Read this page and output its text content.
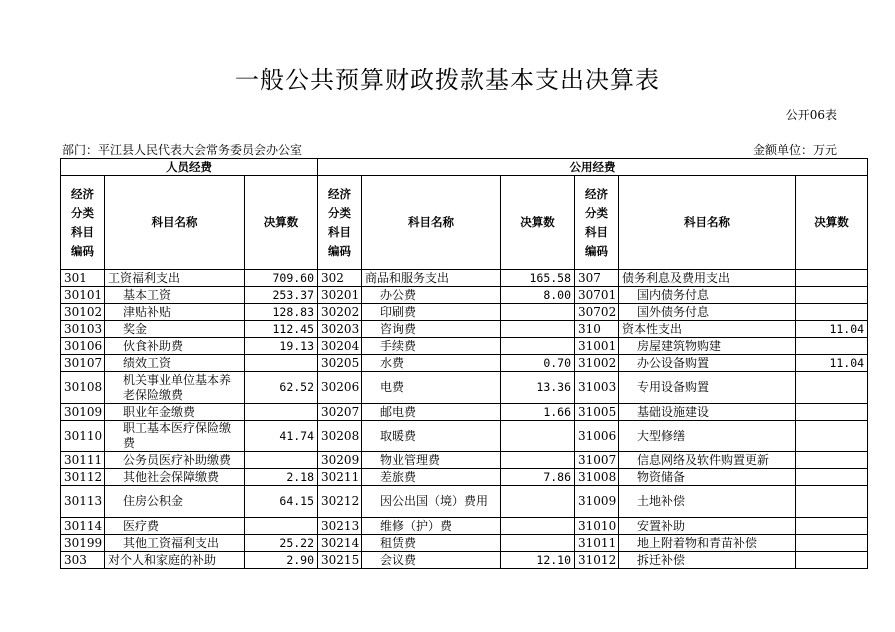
一般公共预算财政拨款基本支出决算表
公开06表
部门：平江县人民代表大会常务委员会办公室	金额单位：万元
人员经费			公用经费					
经济
分类
科目
编码	科目名称	决算数	经济
分类
科目
编码	科目名称	决算数	经济
分类
科目
编码	科目名称	决算数
301	工资福利支出	709.60	302	商品和服务支出	165.58	307	债务利息及费用支出	
30101	基本工资	253.37	30201	办公费	8.00	30701	国内债务付息	
30102	津贴补贴	128.83	30202	印刷费		30702	国外债务付息	
30103	奖金	112.45	30203	咨询费		310	资本性支出	11.04
30106	伙食补助费	19.13	30204	手续费		31001	房屋建筑物购建	
30107	绩效工资		30205	水费	0.70	31002	办公设备购置	11.04
30108	机关事业单位基本养老保险缴费	62.52	30206	电费	13.36	31003	专用设备购置	
30109	职业年金缴费		30207	邮电费	1.66	31005	基础设施建设	
30110	职工基本医疗保险缴费	41.74	30208	取暖费		31006	大型修缮	
30111	公务员医疗补助缴费		30209	物业管理费		31007	信息网络及软件购置更新	
30112	其他社会保障缴费	2.18	30211	差旅费	7.86	31008	物资储备	
30113	住房公积金	64.15	30212	因公出国（境）费用		31009	土地补偿	
30114	医疗费		30213	维修（护）费		31010	安置补助	
30199	其他工资福利支出	25.22	30214	租赁费		31011	地上附着物和青苗补偿	
303	对个人和家庭的补助	2.90	30215	会议费	12.10	31012	拆迁补偿	
